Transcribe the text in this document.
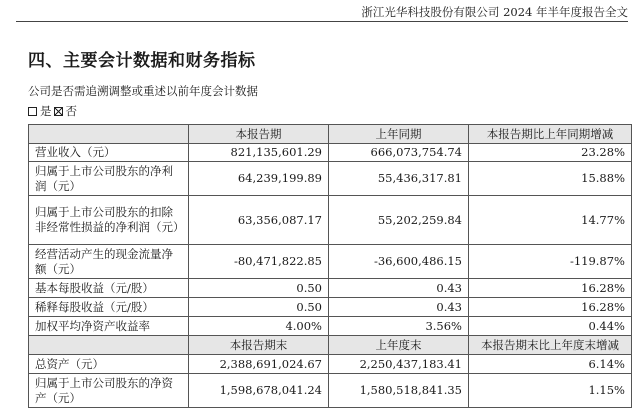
浙江光华科技股份有限公司 2024 年半年度报告全文
四、主要会计数据和财务指标
公司是否需追溯调整或重述以前年度会计数据
是 否
	本报告期	上年同期	本报告期比上年同期增减
营业收入（元）	821,135,601.29	666,073,754.74	23.28%
归属于上市公司股东的净利润（元）	64,239,199.89	55,436,317.81	15.88%
归属于上市公司股东的扣除非经常性损益的净利润（元）	63,356,087.17	55,202,259.84	14.77%
经营活动产生的现金流量净额（元）	-80,471,822.85	-36,600,486.15	-119.87%
基本每股收益（元/股）	0.50	0.43	16.28%
稀释每股收益（元/股）	0.50	0.43	16.28%
加权平均净资产收益率	4.00%	3.56%	0.44%
	本报告期末	上年度末	本报告期末比上年度末增减
总资产（元）	2,388,691,024.67	2,250,437,183.41	6.14%
归属于上市公司股东的净资产（元）	1,598,678,041.24	1,580,518,841.35	1.15%
